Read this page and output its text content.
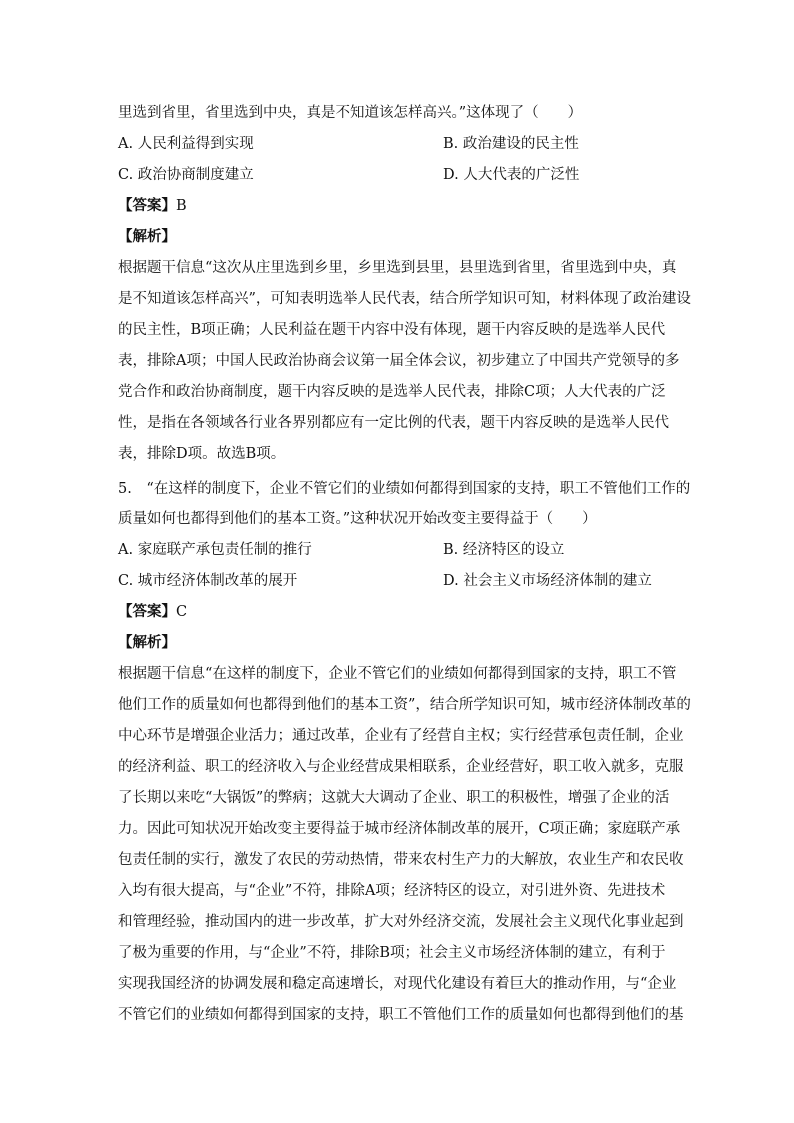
里选到省里，省里选到中央，真是不知道该怎样高兴。”这体现了（　　）
A. 人民利益得到实现	B. 政治建设的民主性
C. 政治协商制度建立	D. 人大代表的广泛性
【答案】B
【解析】
根据题干信息“这次从庄里选到乡里，乡里选到县里，县里选到省里，省里选到中央，真
是不知道该怎样高兴”，可知表明选举人民代表，结合所学知识可知，材料体现了政治建设
的民主性，B项正确；人民利益在题干内容中没有体现，题干内容反映的是选举人民代
表，排除A项；中国人民政治协商会议第一届全体会议，初步建立了中国共产党领导的多
党合作和政治协商制度，题干内容反映的是选举人民代表，排除C项；人大代表的广泛
性，是指在各领域各行业各界别都应有一定比例的代表，题干内容反映的是选举人民代
表，排除D项。故选B项。
5.　“在这样的制度下，企业不管它们的业绩如何都得到国家的支持，职工不管他们工作的
质量如何也都得到他们的基本工资。”这种状况开始改变主要得益于（　　）
A. 家庭联产承包责任制的推行	B. 经济特区的设立
C. 城市经济体制改革的展开	D. 社会主义市场经济体制的建立
【答案】C
【解析】
根据题干信息“在这样的制度下，企业不管它们的业绩如何都得到国家的支持，职工不管
他们工作的质量如何也都得到他们的基本工资”，结合所学知识可知，城市经济体制改革的
中心环节是增强企业活力；通过改革，企业有了经营自主权；实行经营承包责任制，企业
的经济利益、职工的经济收入与企业经营成果相联系，企业经营好，职工收入就多，克服
了长期以来吃“大锅饭”的弊病；这就大大调动了企业、职工的积极性，增强了企业的活
力。因此可知状况开始改变主要得益于城市经济体制改革的展开，C项正确；家庭联产承
包责任制的实行，激发了农民的劳动热情，带来农村生产力的大解放，农业生产和农民收
入均有很大提高，与“企业”不符，排除A项；经济特区的设立，对引进外资、先进技术
和管理经验，推动国内的进一步改革，扩大对外经济交流，发展社会主义现代化事业起到
了极为重要的作用，与“企业”不符，排除B项；社会主义市场经济体制的建立，有利于
实现我国经济的协调发展和稳定高速增长，对现代化建设有着巨大的推动作用，与“企业
不管它们的业绩如何都得到国家的支持，职工不管他们工作的质量如何也都得到他们的基
